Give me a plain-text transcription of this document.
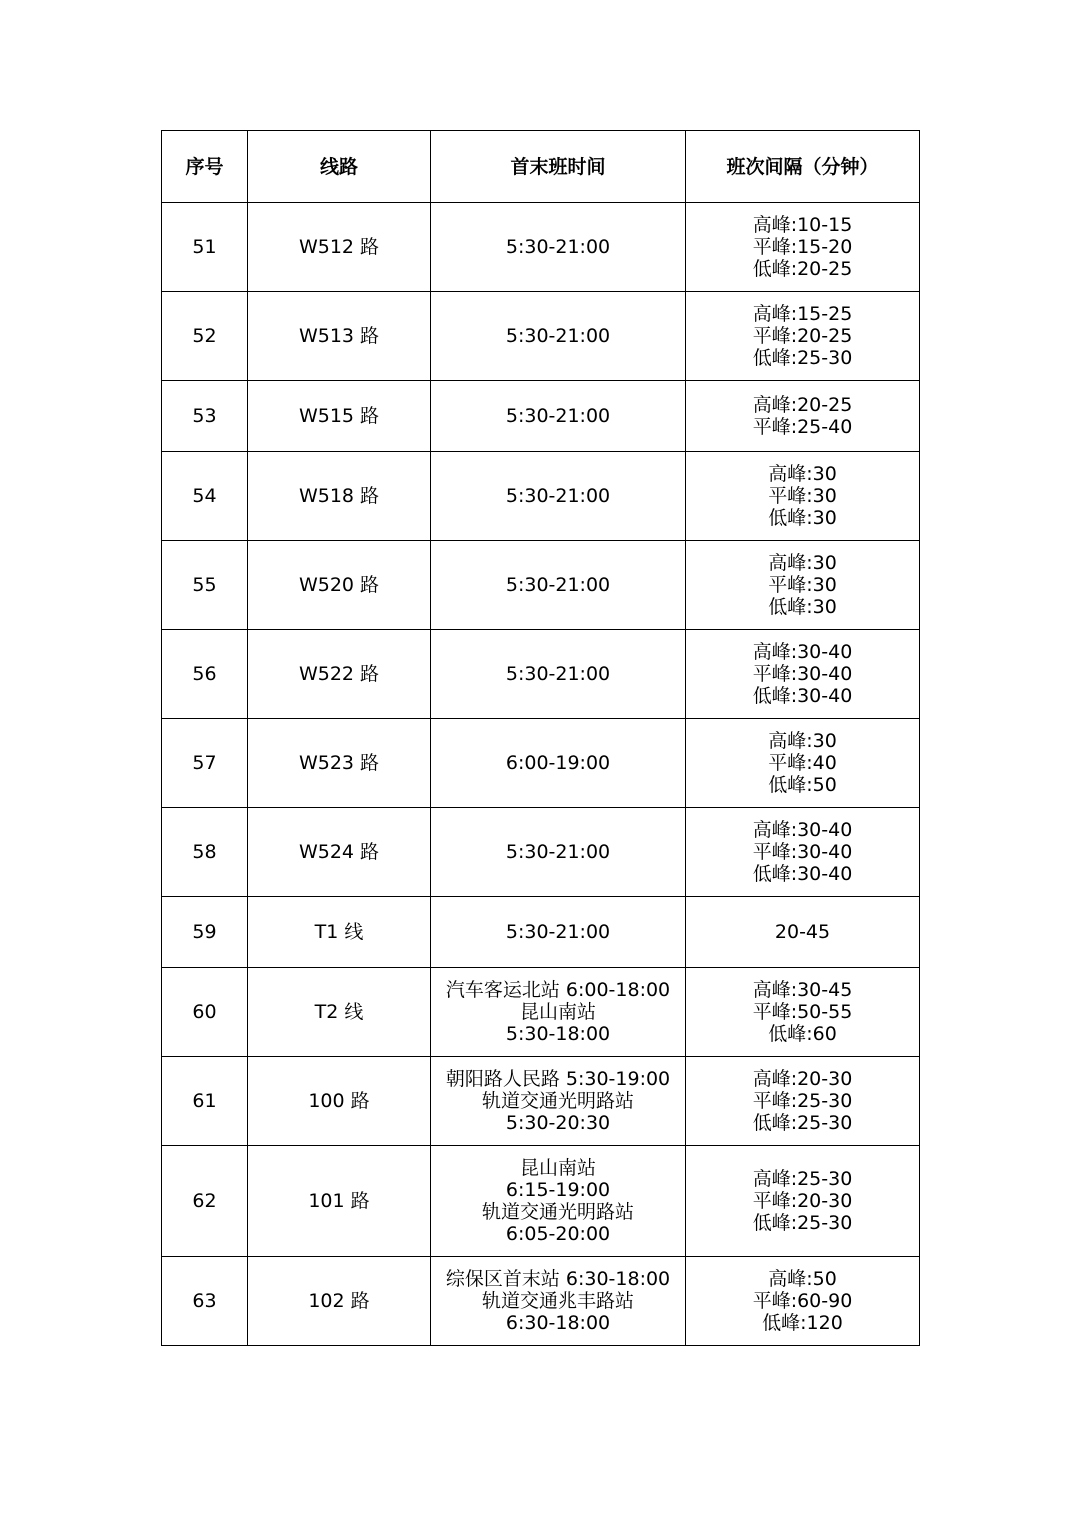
序号	线路	首末班时间	班次间隔（分钟）
51	W512 路	5:30-21:00	高峰:10-15
平峰:15-20
低峰:20-25

52	W513 路	5:30-21:00	高峰:15-25
平峰:20-25
低峰:25-30

53	W515 路	5:30-21:00	高峰:20-25
平峰:25-40

54	W518 路	5:30-21:00	高峰:30
平峰:30
低峰:30

55	W520 路	5:30-21:00	高峰:30
平峰:30
低峰:30

56	W522 路	5:30-21:00	高峰:30-40
平峰:30-40
低峰:30-40

57	W523 路	6:00-19:00	高峰:30
平峰:40
低峰:50

58	W524 路	5:30-21:00	高峰:30-40
平峰:30-40
低峰:30-40

59	T1 线	5:30-21:00	20-45

60	T2 线	汽车客运北站 6:00-18:00
昆山南站
5:30-18:00	高峰:30-45
平峰:50-55
低峰:60

61	100 路	朝阳路人民路 5:30-19:00
轨道交通光明路站
5:30-20:30	高峰:20-30
平峰:25-30
低峰:25-30

62	101 路	昆山南站
6:15-19:00
轨道交通光明路站
6:05-20:00	高峰:25-30
平峰:20-30
低峰:25-30

63	102 路	综保区首末站 6:30-18:00
轨道交通兆丰路站
6:30-18:00	高峰:50
平峰:60-90
低峰:120
